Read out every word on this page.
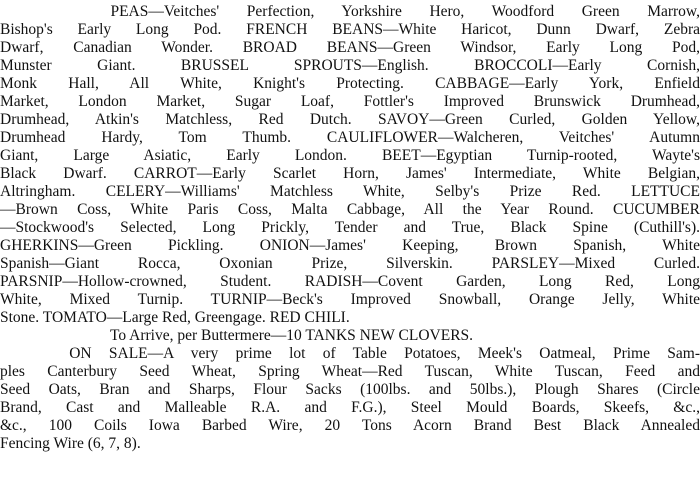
PEAS—Veitches' Perfection, Yorkshire Hero, Woodford Green Marrow,
Bishop's Early Long Pod. FRENCH BEANS—White Haricot, Dunn Dwarf, Zebra
Dwarf, Canadian Wonder. BROAD BEANS—Green Windsor, Early Long Pod,
Munster Giant. BRUSSEL SPROUTS—English. BROCCOLI—Early Cornish,
Monk Hall, All White, Knight's Protecting. CABBAGE—Early York, Enfield
Market, London Market, Sugar Loaf, Fottler's Improved Brunswick Drumhead,
Drumhead, Atkin's Matchless, Red Dutch. SAVOY—Green Curled, Golden Yellow,
Drumhead Hardy, Tom Thumb. CAULIFLOWER—Walcheren, Veitches' Autumn
Giant, Large Asiatic, Early London. BEET—Egyptian Turnip-rooted, Wayte's
Black Dwarf. CARROT—Early Scarlet Horn, James' Intermediate, White Belgian,
Altringham. CELERY—Williams' Matchless White, Selby's Prize Red. LETTUCE
—Brown Coss, White Paris Coss, Malta Cabbage, All the Year Round. CUCUMBER
—Stockwood's Selected, Long Prickly, Tender and True, Black Spine (Cuthill's).
GHERKINS—Green Pickling. ONION—James' Keeping, Brown Spanish, White
Spanish—Giant Rocca, Oxonian Prize, Silverskin. PARSLEY—Mixed Curled.
PARSNIP—Hollow-crowned, Student. RADISH—Covent Garden, Long Red, Long
White, Mixed Turnip. TURNIP—Beck's Improved Snowball, Orange Jelly, White
Stone. TOMATO—Large Red, Greengage. RED CHILI.
To Arrive, per Buttermere—10 TANKS NEW CLOVERS.
ON SALE—A very prime lot of Table Potatoes, Meek's Oatmeal, Prime Sam-
ples Canterbury Seed Wheat, Spring Wheat—Red Tuscan, White Tuscan, Feed and
Seed Oats, Bran and Sharps, Flour Sacks (100lbs. and 50lbs.), Plough Shares (Circle
Brand, Cast and Malleable R.A. and F.G.), Steel Mould Boards, Skeefs, &c.,
&c., 100 Coils Iowa Barbed Wire, 20 Tons Acorn Brand Best Black Annealed
Fencing Wire (6, 7, 8).
